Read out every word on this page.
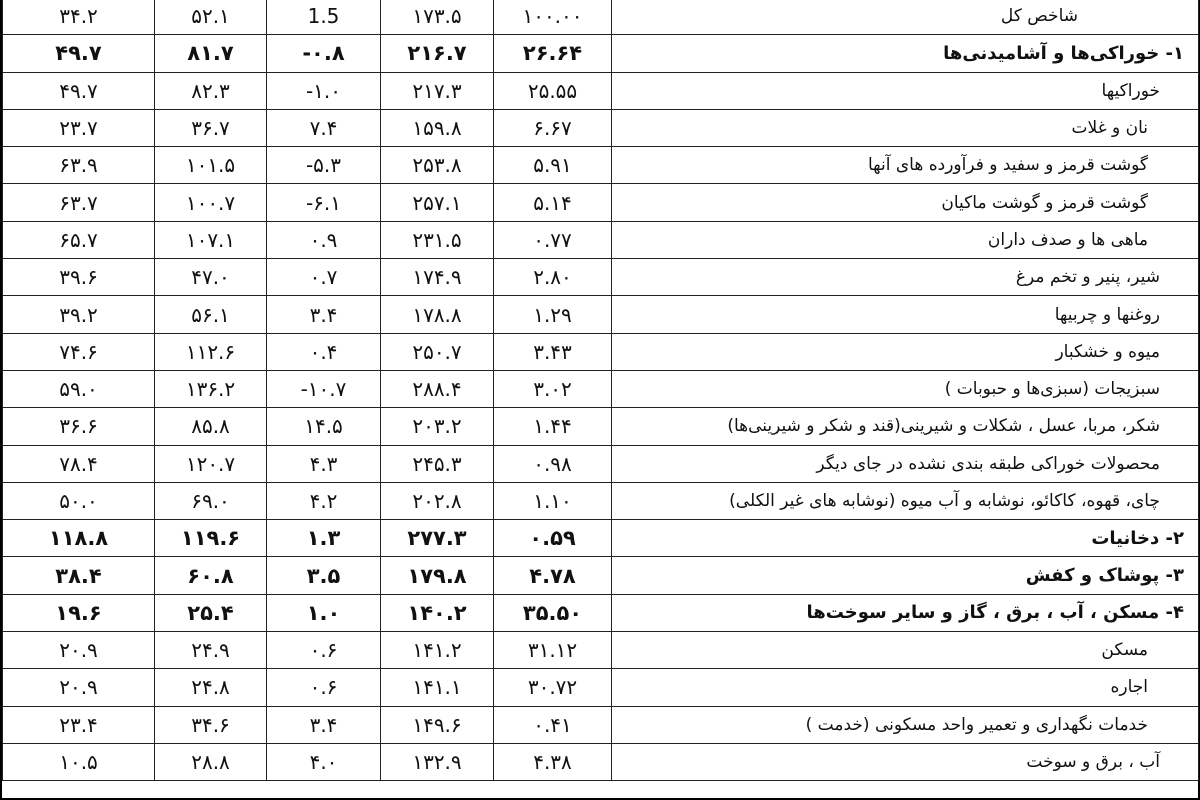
۳۴.۲	۵۲.۱	1.5	۱۷۳.۵	۱۰۰.۰۰	شاخص کل
۴۹.۷	۸۱.۷	-۰.۸	۲۱۶.۷	۲۶.۶۴	۱- خوراکی‌ها و آشامیدنی‌ها
۴۹.۷	۸۲.۳	-۱.۰	۲۱۷.۳	۲۵.۵۵	خوراکیها
۲۳.۷	۳۶.۷	۷.۴	۱۵۹.۸	۶.۶۷	نان و غلات
۶۳.۹	۱۰۱.۵	-۵.۳	۲۵۳.۸	۵.۹۱	گوشت قرمز و سفید و فرآورده های آنها
۶۳.۷	۱۰۰.۷	-۶.۱	۲۵۷.۱	۵.۱۴	گوشت قرمز و گوشت ماکیان
۶۵.۷	۱۰۷.۱	۰.۹	۲۳۱.۵	۰.۷۷	ماهی ها و صدف داران
۳۹.۶	۴۷.۰	۰.۷	۱۷۴.۹	۲.۸۰	شیر، پنیر و تخم مرغ
۳۹.۲	۵۶.۱	۳.۴	۱۷۸.۸	۱.۲۹	روغنها و چربیها
۷۴.۶	۱۱۲.۶	۰.۴	۲۵۰.۷	۳.۴۳	میوه و خشکبار
۵۹.۰	۱۳۶.۲	-۱۰.۷	۲۸۸.۴	۳.۰۲	سبزیجات (سبزی‌ها و حبوبات )
۳۶.۶	۸۵.۸	۱۴.۵	۲۰۳.۲	۱.۴۴	شکر، مربا، عسل ، شکلات و شیرینی(قند و شکر و شیرینی‌ها)
۷۸.۴	۱۲۰.۷	۴.۳	۲۴۵.۳	۰.۹۸	محصولات خوراکی طبقه بندی نشده در جای دیگر
۵۰.۰	۶۹.۰	۴.۲	۲۰۲.۸	۱.۱۰	چای، قهوه، کاکائو، نوشابه و آب میوه (نوشابه های غیر الکلی)
۱۱۸.۸	۱۱۹.۶	۱.۳	۲۷۷.۳	۰.۵۹	۲- دخانیات
۳۸.۴	۶۰.۸	۳.۵	۱۷۹.۸	۴.۷۸	۳- پوشاک و کفش
۱۹.۶	۲۵.۴	۱.۰	۱۴۰.۲	۳۵.۵۰	۴- مسکن ، آب ، برق ، گاز و سایر سوخت‌ها
۲۰.۹	۲۴.۹	۰.۶	۱۴۱.۲	۳۱.۱۲	مسکن
۲۰.۹	۲۴.۸	۰.۶	۱۴۱.۱	۳۰.۷۲	اجاره
۲۳.۴	۳۴.۶	۳.۴	۱۴۹.۶	۰.۴۱	خدمات نگهداری و تعمیر واحد مسکونی (خدمت )
۱۰.۵	۲۸.۸	۴.۰	۱۳۲.۹	۴.۳۸	آب ، برق و سوخت
